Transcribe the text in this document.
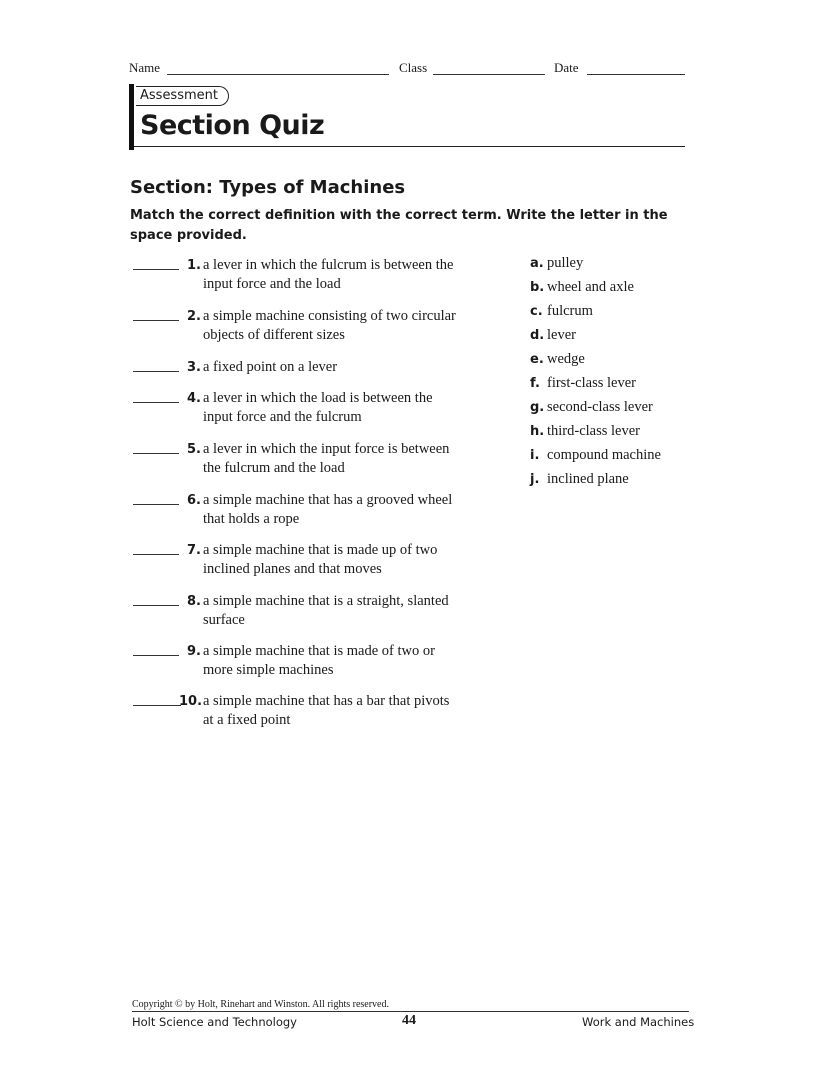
Name	Class	Date
Assessment
Section Quiz
Section: Types of Machines
Match the correct definition with the correct term. Write the letter in the space provided.
1. a lever in which the fulcrum is between the
input force and the load
2. a simple machine consisting of two circular
objects of different sizes
3. a fixed point on a lever
4. a lever in which the load is between the
input force and the fulcrum
5. a lever in which the input force is between
the fulcrum and the load
6. a simple machine that has a grooved wheel
that holds a rope
7. a simple machine that is made up of two
inclined planes and that moves
8. a simple machine that is a straight, slanted
surface
9. a simple machine that is made of two or
more simple machines
10. a simple machine that has a bar that pivots
at a fixed point
a. pulley
b. wheel and axle
c. fulcrum
d. lever
e. wedge
f. first-class lever
g. second-class lever
h. third-class lever
i. compound machine
j. inclined plane
Copyright © by Holt, Rinehart and Winston. All rights reserved.
Holt Science and Technology	44	Work and Machines
